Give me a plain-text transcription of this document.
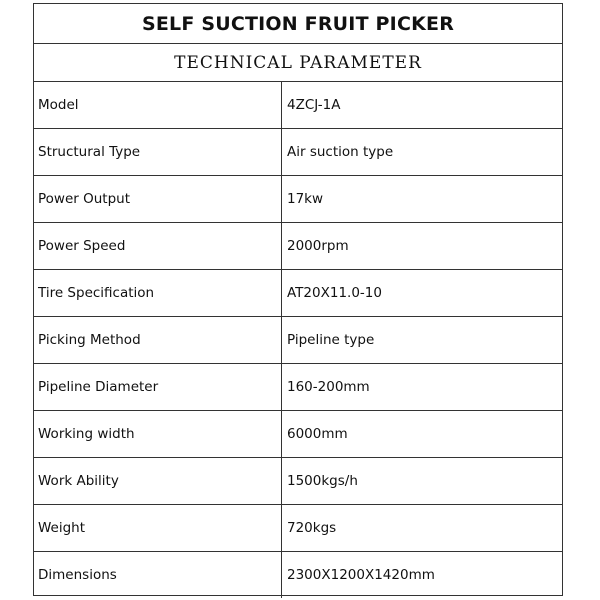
SELF SUCTION FRUIT PICKER
TECHNICAL PARAMETER
Model	4ZCJ-1A
Structural Type	Air suction type
Power Output	17kw
Power Speed	2000rpm
Tire Specification	AT20X11.0-10
Picking Method	Pipeline type
Pipeline Diameter	160-200mm
Working width	6000mm
Work Ability	1500kgs/h
Weight	720kgs
Dimensions	2300X1200X1420mm
